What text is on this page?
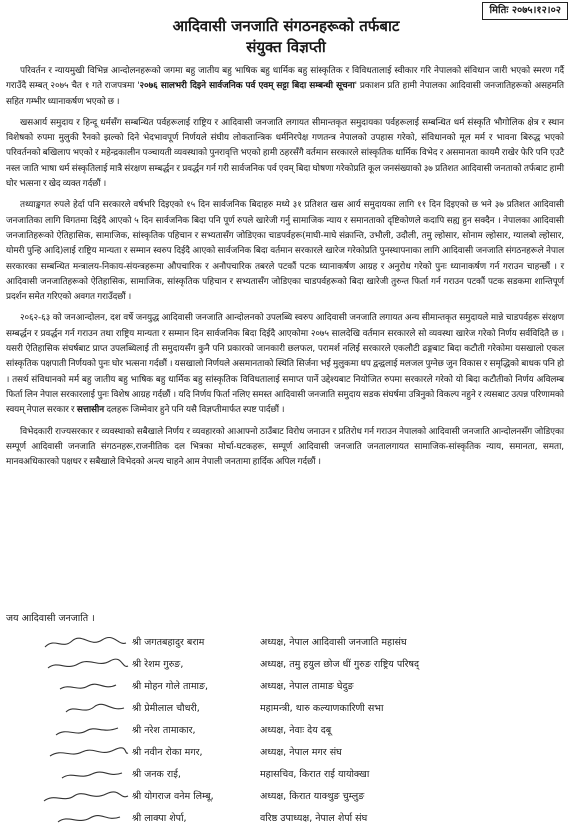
मितिः २०७५।१२।०२
आदिवासी जनजाति संगठनहरूको तर्फबाट
संयुक्त विज्ञप्ती

परिवर्तन र न्यायमुखी विभिन्न आन्दोलनहरूको जगमा बहु जातीय बहु भाषिक बहु धार्मिक बहु सांस्कृतिक र विविधतालाई स्वीकार गरि नेपालको संविधान जारी भएको स्मरण गर्दै गराउँदै सम्बत् २०७५ चैत १ गते राजपत्रमा '२०७६ सालभरी दिइने सार्वजनिक पर्व एवम् सट्टा बिदा सम्बन्धी सूचना' प्रकाशन प्रति हामी नेपालका आदिवासी जनजातिहरूको असहमति सहित गम्भीर ध्यानाकर्षण भएको छ ।

खसआर्य समुदाय र हिन्दू धर्मसँग सम्बन्धित पर्वहरूलाई राष्ट्रिय र आदिवासी जनजाति लगायत सीमान्तकृत समुदायका पर्वहरूलाई सम्बन्धित धर्म संस्कृति भौगोलिक क्षेत्र र स्थान विशेषको रुपमा मुलुकी रैनको झल्को दिने भेदभावपूर्ण निर्णयले संघीय लोकतान्त्रिक धर्मनिरपेक्ष गणतन्त्र नेपालको उपहास गरेको, संविधानको मूल मर्म र भावना बिरुद्ध भएको परिवर्तनको बखिलाप भएको र महेन्द्रकालीन पञ्चायती व्यवस्थाको पुनरावृत्ति भएको हामी ठहरसँगै वर्तमान सरकारले सांस्कृतिक धार्मिक विभेद र असमानता कायमै राखेर फेरि पनि एउटै नस्ल जाति भाषा धर्म संस्कृतिलाई मात्रै संरक्षण सम्बर्द्धन र प्रवर्द्धन गर्न गरी सार्वजनिक पर्व एवम् बिदा घोषणा गरेकोप्रति कूल जनसंख्याको ३७ प्रतिशत आदिवासी जनताको तर्फबाट हामी घोर भत्सना र खेद व्यक्त गर्दछौं ।

तथ्याङ्कगत रुपले हेर्दा पनि सरकारले वर्षभरि दिइएको १५ दिन सार्वजनिक बिदाहरु मध्ये ३१ प्रतिशत खस आर्य समुदायका लागि ११ दिन दिइएको छ भने ३७ प्रतिशत आदिवासी जनजातिका लागि विगतमा दिईदै आएको ५ दिन सार्वजनिक बिदा पनि पूर्ण रुपले खारेजी गर्नु सामाजिक न्याय र समानताको दृष्टिकोणले कदापि सह्य हुन सक्दैन । नेपालका आदिवासी जनजातिहरूको ऐतिहासिक, सामाजिक, सांस्कृतिक पहिचान र सभ्यतासँग जोडिएका चाडपर्वहरू(माघी-माघे संक्रान्ति, उभौली, उदौली, तमु ल्होसार, सोनाम ल्होसार, ग्यालबो ल्होसार, योमरी पुन्हि आदि)लाई राष्ट्रिय मान्यता र सम्मान स्वरुप दिईदै आएको सार्वजनिक बिदा वर्तमान सरकारले खारेज गरेकोप्रति पुनस्थापनाका लागि आदिवासी जनजाति संगठनहरूले नेपाल सरकारका सम्बन्धित मन्त्रालय-निकाय-संयन्त्रहरूमा औपचारिक र अनौपचारिक तबरले पटकौं पटक ध्यानाकर्षण आग्रह र अनुरोध गरेको पुनः ध्यानाकर्षण गर्न गराउन चाहन्छौं । र आदिवासी जनजातिहरूको ऐतिहासिक, सामाजिक, सांस्कृतिक पहिचान र सभ्यतासँग जोडिएका चाडपर्वहरूको बिदा खारेजी तुरुन्त फिर्ता गर्न गराउन पटकौं पटक सडकमा शान्तिपूर्ण प्रदर्शन समेत गरिएको अवगत गराउँदछौं ।

२०६२-६३ को जनआन्दोलन, दश वर्षे जनयुद्ध आदिवासी जनजाति आन्दोलनको उपलब्धि स्वरुप आदिवासी जनजाति लगायत अन्य सीमान्तकृत समुदायले मान्ने चाडपर्वहरू संरक्षण सम्बर्द्धन र प्रवर्द्धन गर्न गराउन तथा राष्ट्रिय मान्यता र सम्मान दिन सार्वजनिक बिदा दिईदै आएकोमा २०७५ सालदेखि वर्तमान सरकारले सो व्यवस्था खारेज गरेको निर्णय सर्वविदितै छ । यसरी ऐतिहासिक संघर्षबाट प्राप्त उपलब्धिलाई ती समुदायसँग कुनै पनि प्रकारको जानकारी छलफल, परामर्श नलिई सरकारले एकलौटी ढङ्गबाट बिदा कटौती गरेकोमा यसखालो एकल सांस्कृतिक पक्षपाती निर्णयको पुनः घोर भत्सना गर्दछौं । यसखालो निर्णयले असमानताको स्थिति सिर्जना भई मुलुकमा धप द्वन्द्वलाई मलजल पुग्नेछ जुन विकास र समृद्धिको बाधक पनि हो । तसर्थ संविधानको मर्म बहु जातीय बहु भाषिक बहु धार्मिक बहु सांस्कृतिक विविधतालाई समाप्त पार्ने उद्देश्यबाट नियोजित रुपमा सरकारले गरेको यो बिदा कटौतीको निर्णय अविलम्ब फिर्ता लिन नेपाल सरकारलाई पुनः विशेष आग्रह गर्दछौं । यदि निर्णय फिर्ता नलिए समस्त आदिवासी जनजाति समुदाय सडक संघर्षमा उत्रिनुको विकल्प नहुने र त्यसबाट उत्पन्न परिणामको स्वयम् नेपाल सरकार र सत्तासीन दलहरू जिम्मेवार हुने पनि यसै विज्ञप्तीमार्फत स्पष्ट पार्दछौं ।

विभेदकारी राज्यसरकार र व्यवस्थाको सबैखाले निर्णय र व्यवहारको आआफ्नो ठाउँबाट विरोध जनाउन र प्रतिरोध गर्न गराउन नेपालको आदिवासी जनजाति आन्दोलनसँग जोडिएका सम्पूर्ण आदिवासी जनजाति संगठनहरू,राजनीतिक दल भित्रका मोर्चा-घटकहरू, सम्पूर्ण आदिवासी जनजाति जनतालगायत सामाजिक-सांस्कृतिक न्याय, समानता, समता, मानवअधिकारको पक्षधर र सबैखाले विभेदको अन्त्य चाहने आम नेपाली जनतामा हार्दिक अपिल गर्दछौं ।

जय आदिवासी जनजाति ।
श्री जगतबहादुर बराम	अध्यक्ष, नेपाल आदिवासी जनजाति महासंघ
श्री रेशम गुरुङ,	अध्यक्ष, तमु हयुल छोज धीं गुरुङ राष्ट्रिय परिषद्
श्री मोहन गोले तामाङ,	अध्यक्ष, नेपाल तामाङ घेदुङ
श्री प्रेमीलाल चौधरी,	महामन्त्री, थारु कल्याणकारिणी सभा
श्री नरेश तामाकार,	अध्यक्ष, नेवाः देय दबू
श्री नवीन रोका मगर,	अध्यक्ष, नेपाल मगर संघ
श्री जनक राई,	महासचिव, किरात राई यायोक्खा
श्री योगराज वनेम लिम्बू,	अध्यक्ष, किरात याक्थुङ चुम्लुङ
श्री लाक्पा शेर्पा,	वरिष्ठ उपाध्यक्ष, नेपाल शेर्पा संघ
